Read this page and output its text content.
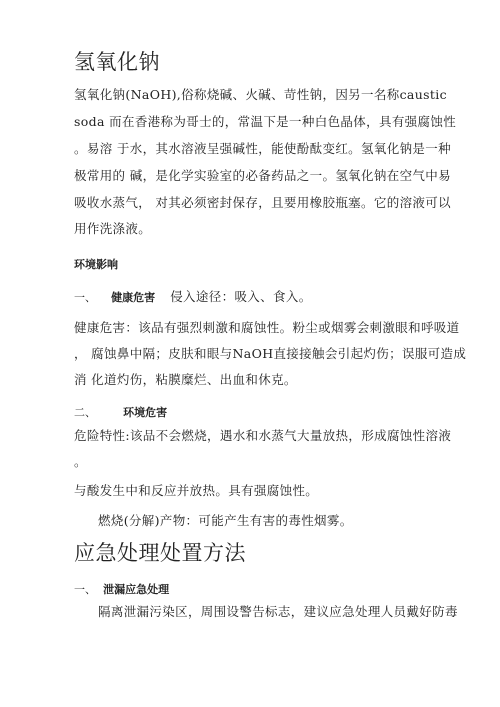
氢氧化钠
氢氧化钠(NaOH),俗称烧碱、火碱、苛性钠，因另一名称caustic
soda 而在香港称为哥士的，常温下是一种白色晶体，具有强腐蚀性
。易溶 于水，其水溶液呈强碱性，能使酚酞变红。氢氧化钠是一种
极常用的 碱，是化学实验室的必备药品之一。氢氧化钠在空气中易
吸收水蒸气， 对其必须密封保存，且要用橡胶瓶塞。它的溶液可以
用作洗涤液。
环境影响
一、 健康危害 侵入途径：吸入、食入。
健康危害：该品有强烈刺激和腐蚀性。粉尘或烟雾会刺激眼和呼吸道
， 腐蚀鼻中隔；皮肤和眼与NaOH直接接触会引起灼伤；误服可造成
消 化道灼伤，粘膜糜烂、出血和休克。
二、 环境危害
危险特性:该品不会燃烧，遇水和水蒸气大量放热，形成腐蚀性溶液
。
与酸发生中和反应并放热。具有强腐蚀性。
燃烧(分解)产物：可能产生有害的毒性烟雾。
应急处理处置方法
一、 泄漏应急处理
隔离泄漏污染区，周围设警告标志，建议应急处理人员戴好防毒
